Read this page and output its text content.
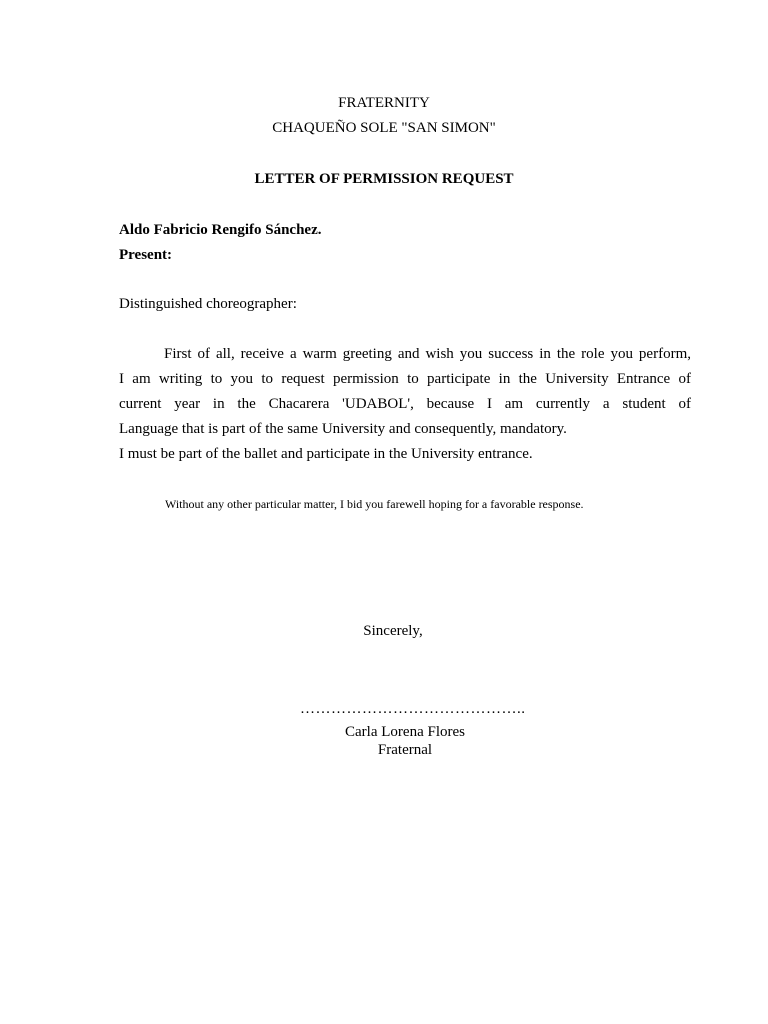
FRATERNITY
CHAQUEÑO SOLE "SAN SIMON"
LETTER OF PERMISSION REQUEST
Aldo Fabricio Rengifo Sánchez.
Present:
Distinguished choreographer:
First of all, receive a warm greeting and wish you success in the role you perform,
I am writing to you to request permission to participate in the University Entrance of
current year in the Chacarera 'UDABOL', because I am currently a student of
Language that is part of the same University and consequently, mandatory.
I must be part of the ballet and participate in the University entrance.
Without any other particular matter, I bid you farewell hoping for a favorable response.
Sincerely,
……………………………………..
Carla Lorena Flores
Fraternal
